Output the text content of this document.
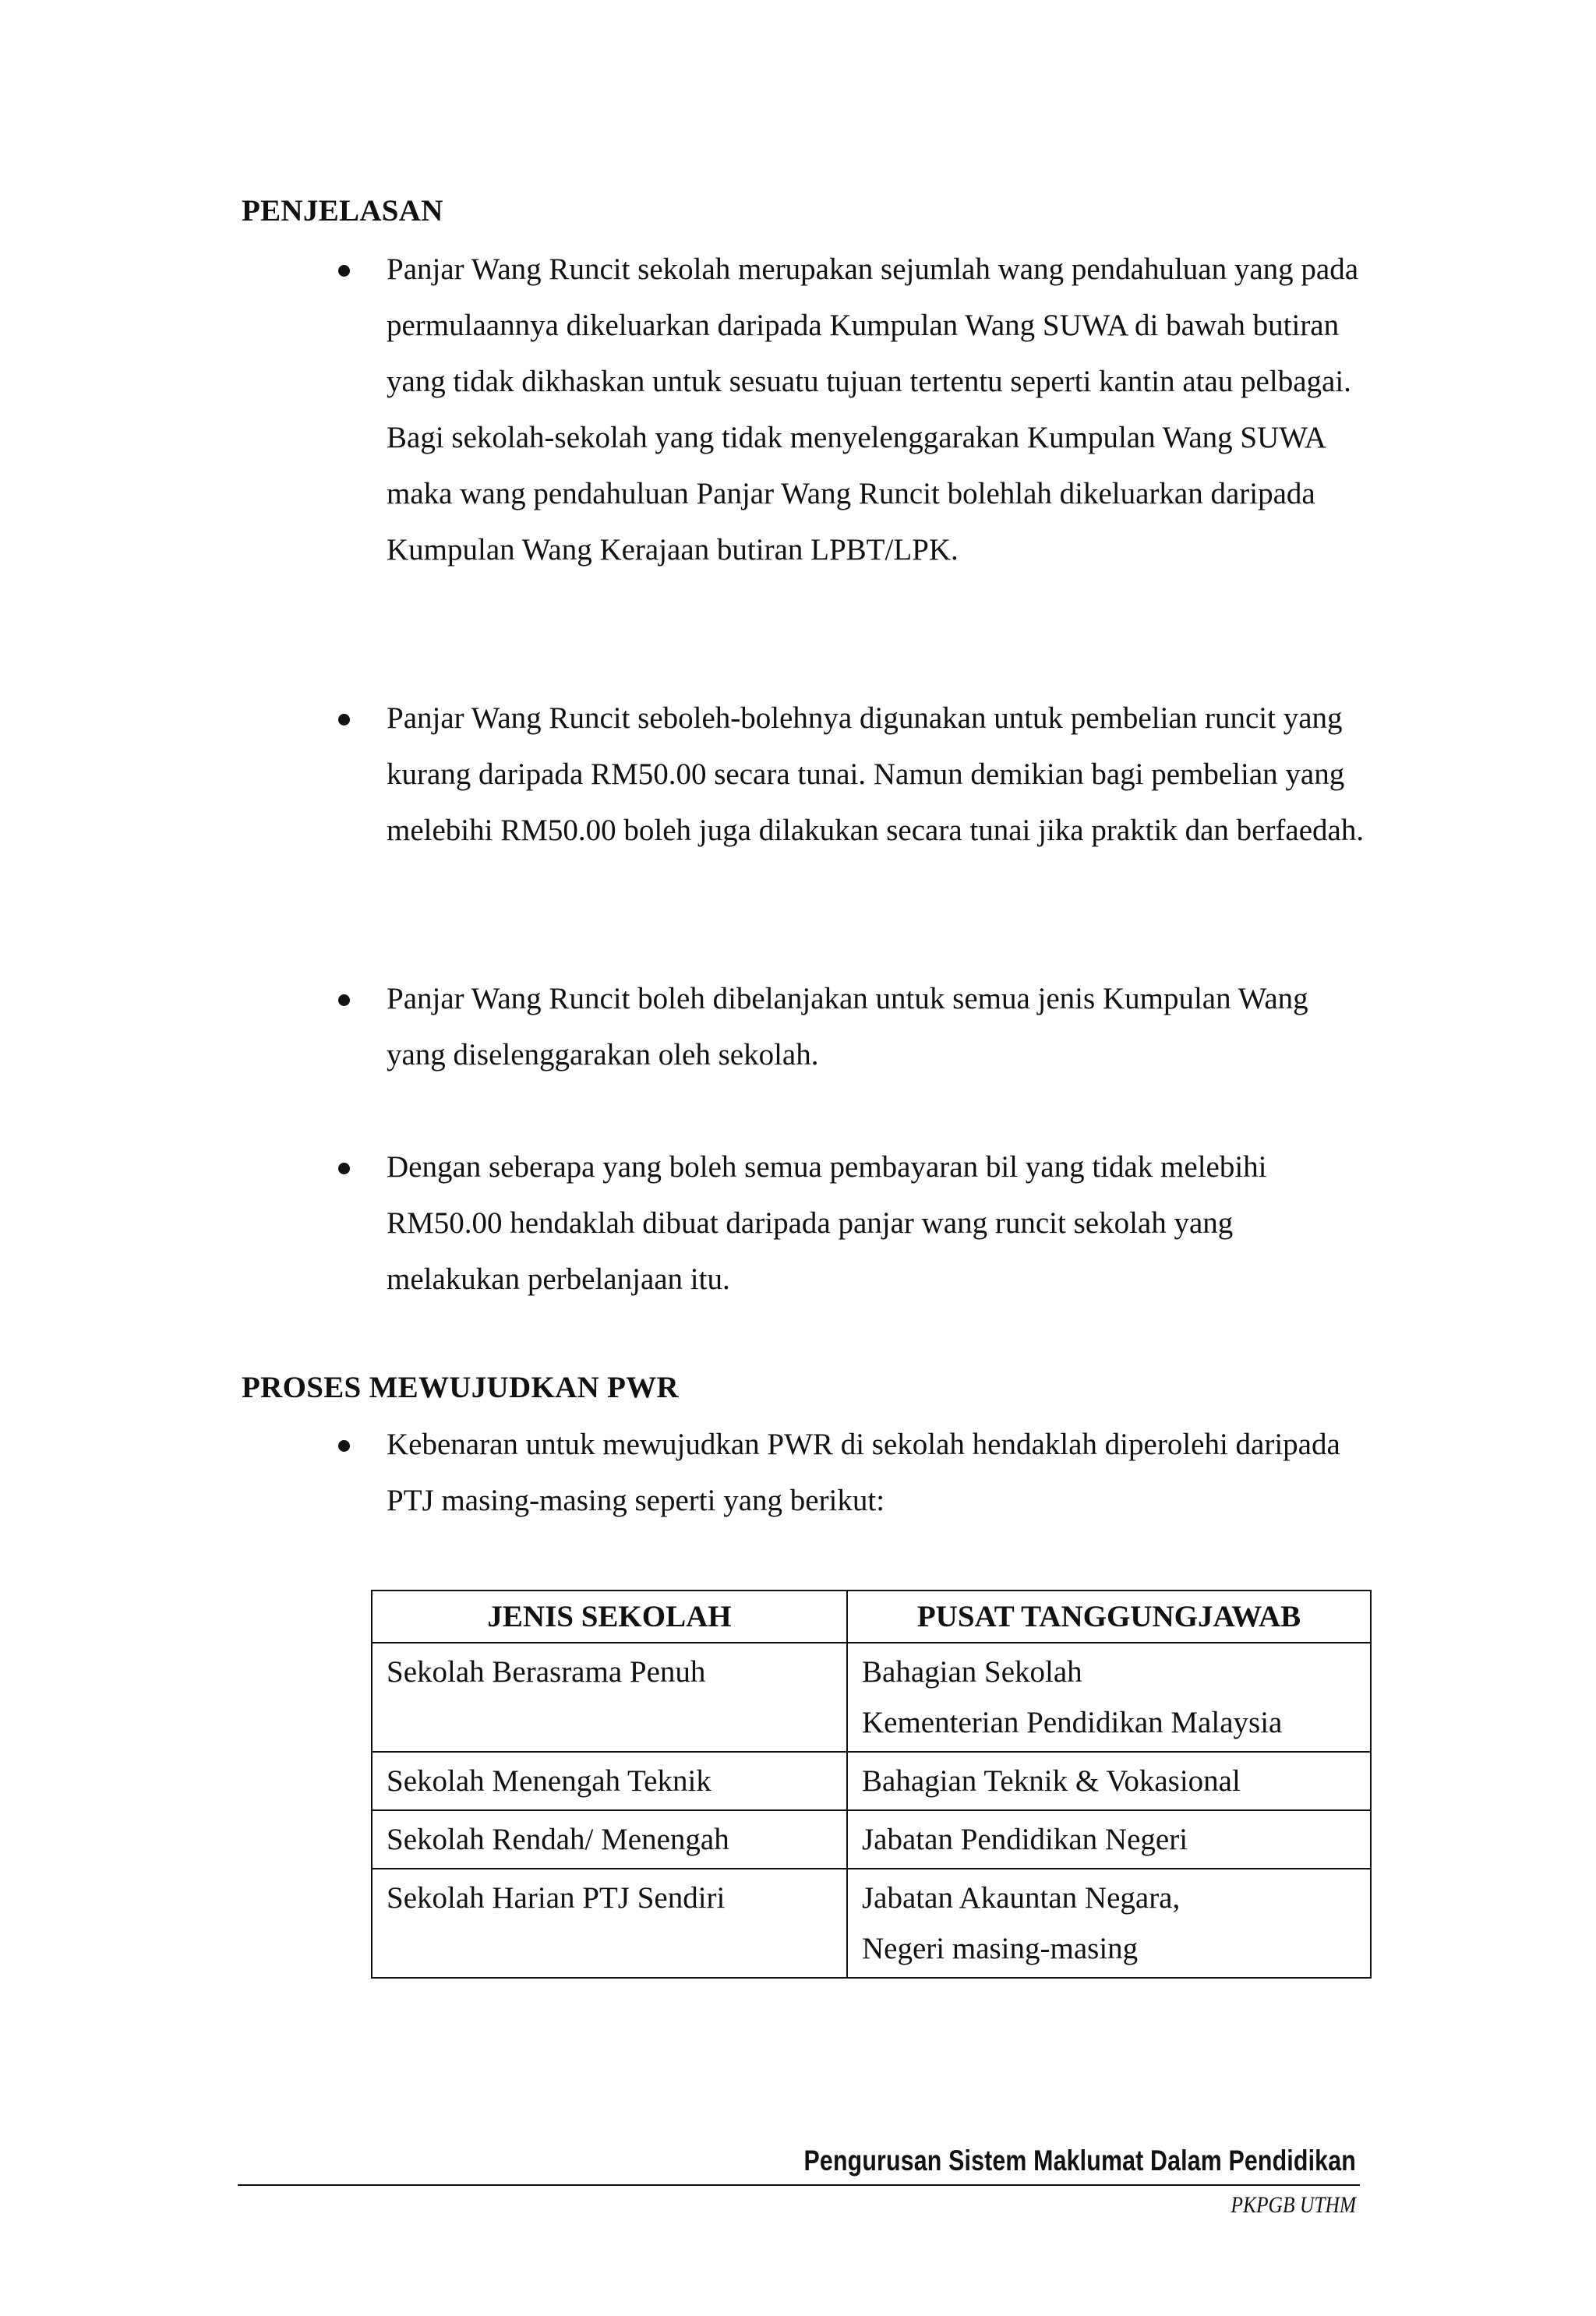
PENJELASAN
Panjar Wang Runcit sekolah merupakan sejumlah wang pendahuluan yang pada permulaannya dikeluarkan daripada Kumpulan Wang SUWA di bawah butiran yang tidak dikhaskan untuk sesuatu tujuan tertentu seperti kantin atau pelbagai. Bagi sekolah-sekolah yang tidak menyelenggarakan Kumpulan Wang SUWA maka wang pendahuluan Panjar Wang Runcit bolehlah dikeluarkan daripada Kumpulan Wang Kerajaan butiran LPBT/LPK.
Panjar Wang Runcit seboleh-bolehnya digunakan untuk pembelian runcit yang kurang daripada RM50.00 secara tunai. Namun demikian bagi pembelian yang melebihi RM50.00 boleh juga dilakukan secara tunai jika praktik dan berfaedah.
Panjar Wang Runcit boleh dibelanjakan untuk semua jenis Kumpulan Wang yang diselenggarakan oleh sekolah.
Dengan seberapa yang boleh semua pembayaran bil yang tidak melebihi RM50.00 hendaklah dibuat daripada panjar wang runcit sekolah yang melakukan perbelanjaan itu.
PROSES MEWUJUDKAN PWR
Kebenaran untuk mewujudkan PWR di sekolah hendaklah diperolehi daripada PTJ masing-masing seperti yang berikut:
JENIS SEKOLAH	PUSAT TANGGUNGJAWAB
Sekolah Berasrama Penuh	Bahagian Sekolah
Kementerian Pendidikan Malaysia

Sekolah Menengah Teknik	Bahagian Teknik & Vokasional

Sekolah Rendah/ Menengah	Jabatan Pendidikan Negeri

Sekolah Harian PTJ Sendiri	Jabatan Akauntan Negara,
Negeri masing-masing
Pengurusan Sistem Maklumat Dalam Pendidikan
PKPGB UTHM
